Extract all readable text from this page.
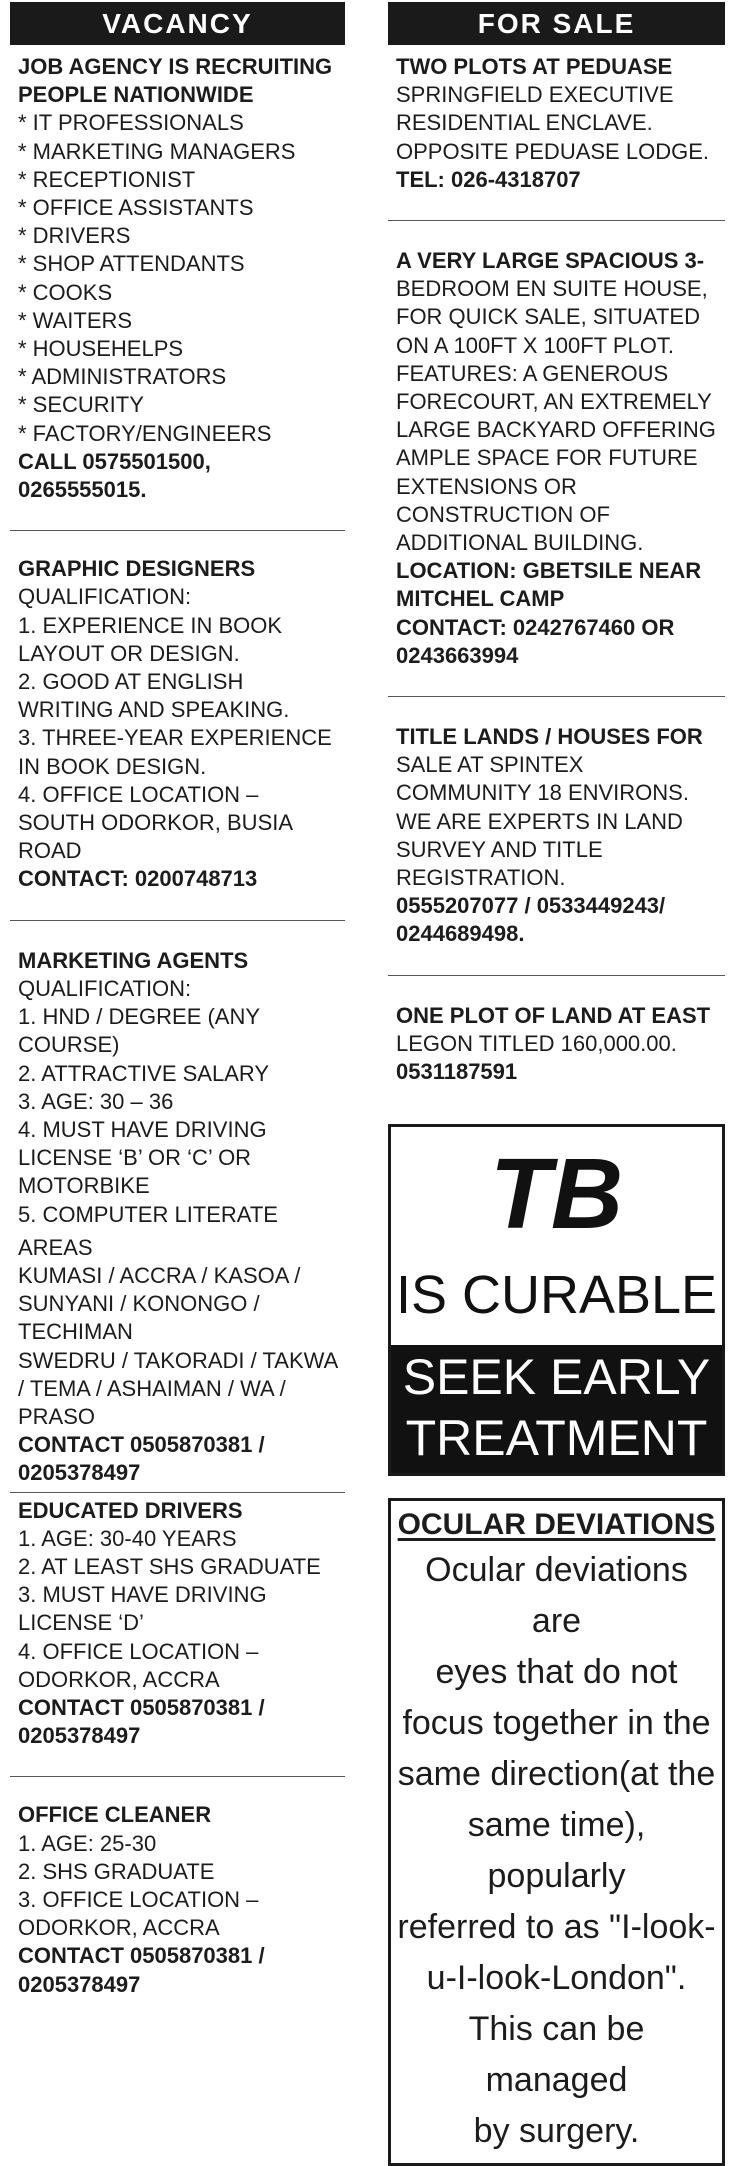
VACANCY
JOB AGENCY IS RECRUITING
PEOPLE NATIONWIDE
* IT PROFESSIONALS
* MARKETING MANAGERS
* RECEPTIONIST
* OFFICE ASSISTANTS
* DRIVERS
* SHOP ATTENDANTS
* COOKS
* WAITERS
* HOUSEHELPS
* ADMINISTRATORS
* SECURITY
* FACTORY/ENGINEERS
CALL 0575501500,
0265555015.
GRAPHIC DESIGNERS
QUALIFICATION:
1. EXPERIENCE IN BOOK
LAYOUT OR DESIGN.
2. GOOD AT ENGLISH
WRITING AND SPEAKING.
3. THREE-YEAR EXPERIENCE
IN BOOK DESIGN.
4. OFFICE LOCATION –
SOUTH ODORKOR, BUSIA
ROAD
CONTACT: 0200748713
MARKETING AGENTS
QUALIFICATION:
1. HND / DEGREE (ANY
COURSE)
2. ATTRACTIVE SALARY
3. AGE: 30 – 36
4. MUST HAVE DRIVING
LICENSE ‘B’ OR ‘C’ OR
MOTORBIKE
5. COMPUTER LITERATE
AREAS
KUMASI / ACCRA / KASOA /
SUNYANI / KONONGO /
TECHIMAN
SWEDRU / TAKORADI / TAKWA
/ TEMA / ASHAIMAN / WA /
PRASO
CONTACT 0505870381 /
0205378497
EDUCATED DRIVERS
1. AGE: 30-40 YEARS
2. AT LEAST SHS GRADUATE
3. MUST HAVE DRIVING
LICENSE ‘D’
4. OFFICE LOCATION –
ODORKOR, ACCRA
CONTACT 0505870381 /
0205378497
OFFICE CLEANER
1. AGE: 25-30
2. SHS GRADUATE
3. OFFICE LOCATION –
ODORKOR, ACCRA
CONTACT 0505870381 /
0205378497
FOR SALE
TWO PLOTS AT PEDUASE
SPRINGFIELD EXECUTIVE
RESIDENTIAL ENCLAVE.
OPPOSITE PEDUASE LODGE.
TEL: 026-4318707
A VERY LARGE SPACIOUS 3-
BEDROOM EN SUITE HOUSE,
FOR QUICK SALE, SITUATED
ON A 100FT X 100FT PLOT.
FEATURES: A GENEROUS
FORECOURT, AN EXTREMELY
LARGE BACKYARD OFFERING
AMPLE SPACE FOR FUTURE
EXTENSIONS OR
CONSTRUCTION OF
ADDITIONAL BUILDING.
LOCATION: GBETSILE NEAR
MITCHEL CAMP
CONTACT: 0242767460 OR
0243663994
TITLE LANDS / HOUSES FOR
SALE AT SPINTEX
COMMUNITY 18 ENVIRONS.
WE ARE EXPERTS IN LAND
SURVEY AND TITLE
REGISTRATION.
0555207077 / 0533449243/
0244689498.
ONE PLOT OF LAND AT EAST
LEGON TITLED 160,000.00.
0531187591
TB
IS CURABLE
SEEK EARLY
TREATMENT
OCULAR DEVIATIONS
Ocular deviations are
eyes that do not
focus together in the
same direction(at the
same time), popularly
referred to as "I-look-
u-I-look-London".
This can be managed
by surgery.
